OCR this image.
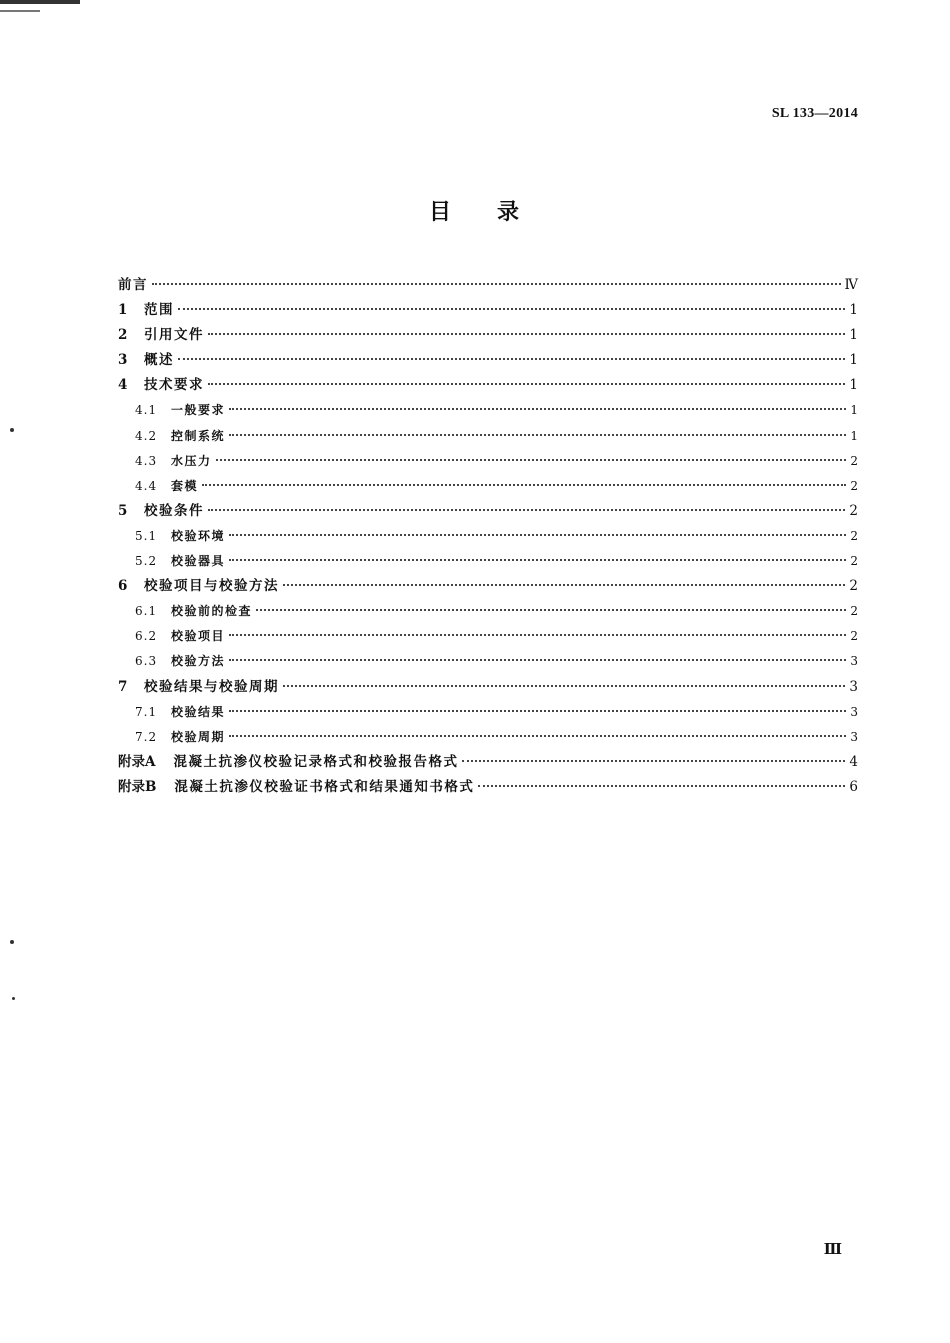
SL 133—2014
目 录
前言	Ⅳ
1	范围	1
2	引用文件	1
3	概述	1
4	技术要求	1
4.1	一般要求	1
4.2	控制系统	1
4.3	水压力	2
4.4	套模	2
5	校验条件	2
5.1	校验环境	2
5.2	校验器具	2
6	校验项目与校验方法	2
6.1	校验前的检查	2
6.2	校验项目	2
6.3	校验方法	3
7	校验结果与校验周期	3
7.1	校验结果	3
7.2	校验周期	3
附录A 混凝土抗渗仪校验记录格式和校验报告格式	4
附录B 混凝土抗渗仪校验证书格式和结果通知书格式	6
Ⅲ
